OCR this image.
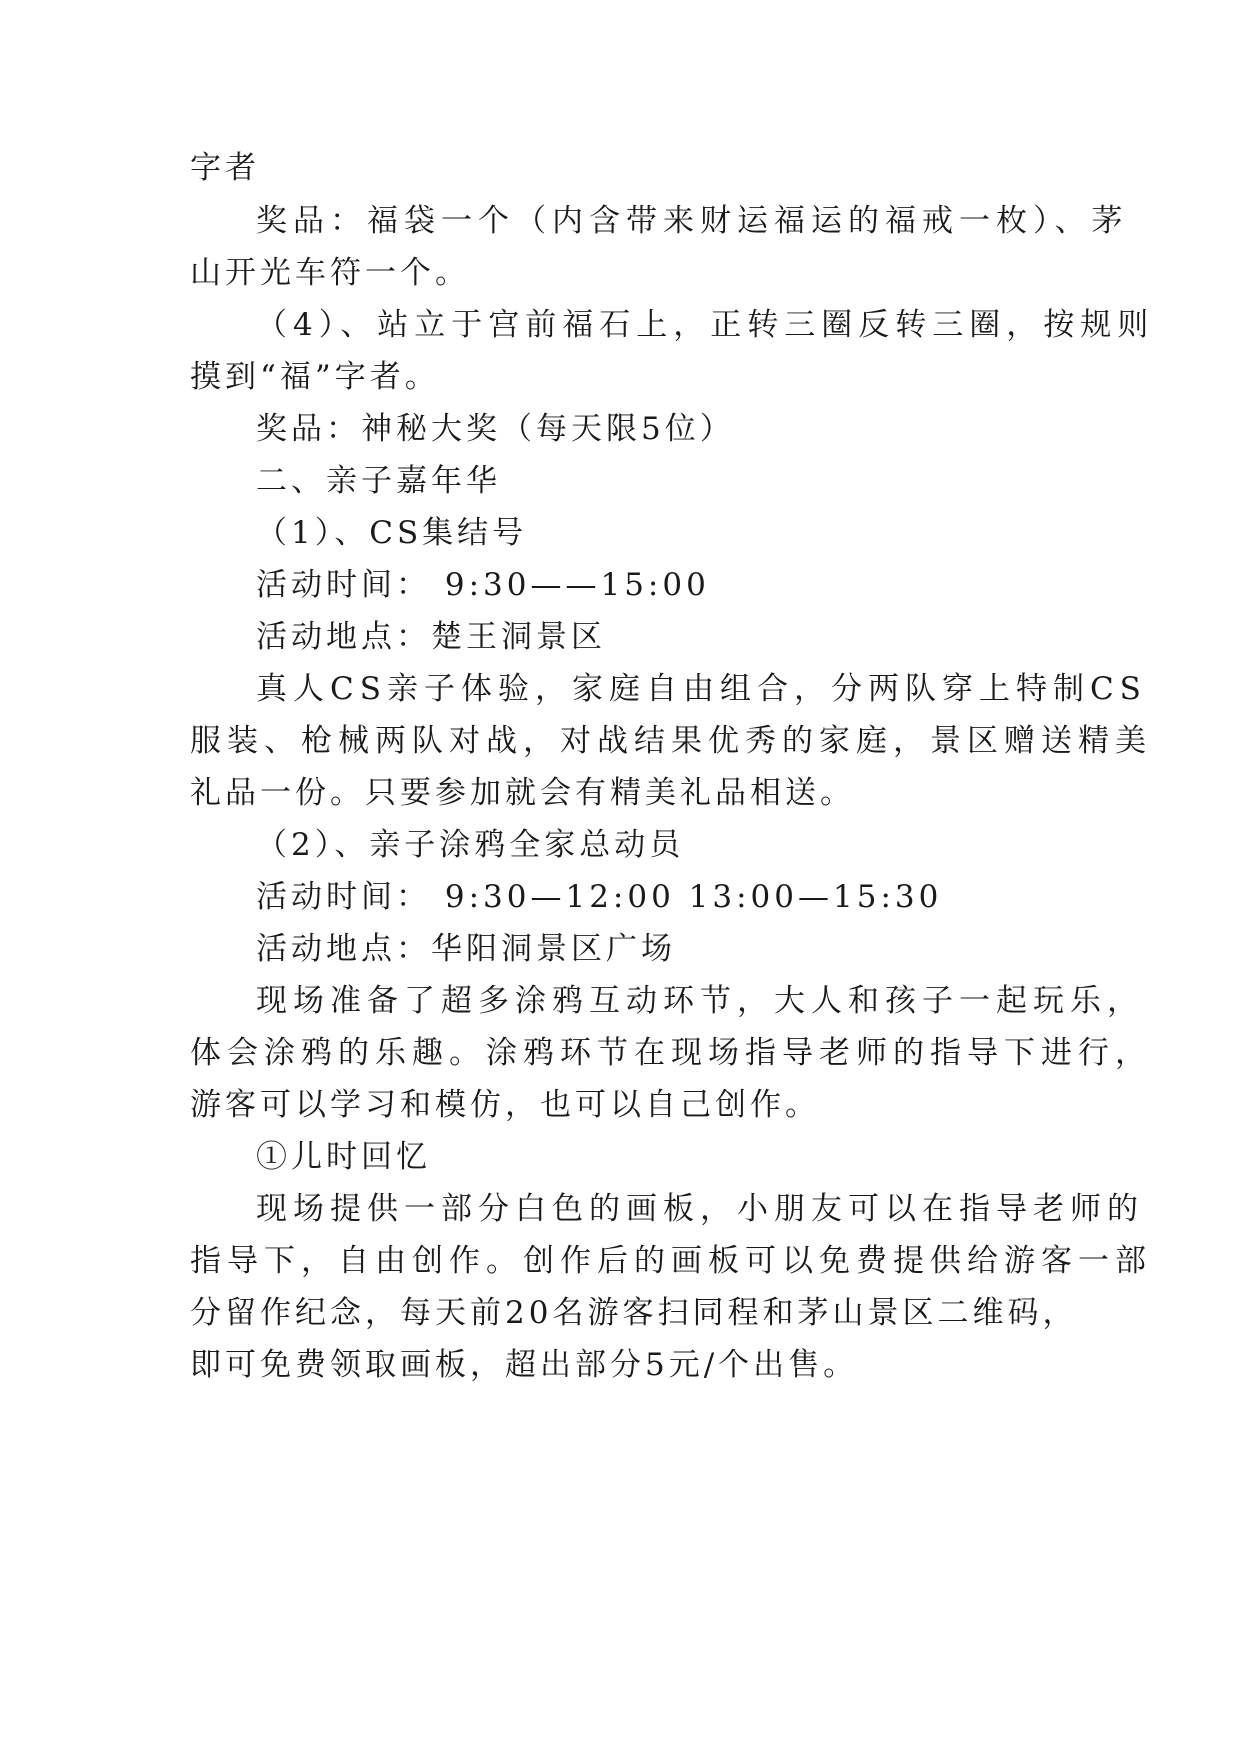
字者
奖品：福袋一个（内含带来财运福运的福戒一枚）、茅
山开光车符一个。
（4）、站立于宫前福石上，正转三圈反转三圈，按规则
摸到“福”字者。
奖品：神秘大奖（每天限5位）
二、亲子嘉年华
（1）、CS集结号
活动时间： 9:30——15:00
活动地点：楚王洞景区
真人CS亲子体验，家庭自由组合，分两队穿上特制CS
服装、枪械两队对战，对战结果优秀的家庭，景区赠送精美
礼品一份。只要参加就会有精美礼品相送。
（2）、亲子涂鸦全家总动员
活动时间： 9:30—12:00 13:00—15:30
活动地点：华阳洞景区广场
现场准备了超多涂鸦互动环节，大人和孩子一起玩乐，
体会涂鸦的乐趣。涂鸦环节在现场指导老师的指导下进行，
游客可以学习和模仿，也可以自己创作。
①儿时回忆
现场提供一部分白色的画板，小朋友可以在指导老师的
指导下，自由创作。创作后的画板可以免费提供给游客一部
分留作纪念，每天前20名游客扫同程和茅山景区二维码，
即可免费领取画板，超出部分5元/个出售。
